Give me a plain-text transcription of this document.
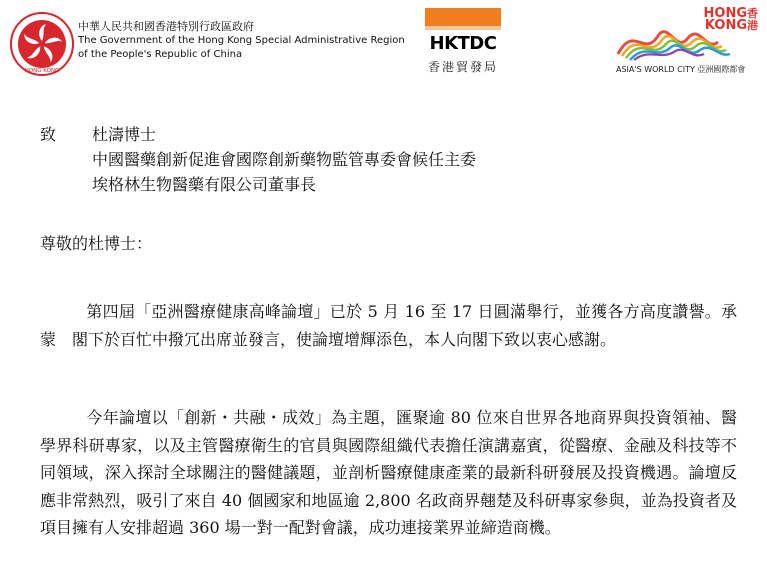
HONG KONG
中華人民共和國香港特別行政區政府
The Government of the Hong Kong Special Administrative Region
of the People's Republic of China
HKTDC
香港貿發局
HONG香
KONG港
ASIA'S WORLD CITY 亞洲國際都會
致 杜濤博士
中國醫藥創新促進會國際創新藥物監管專委會候任主委
埃格林生物醫藥有限公司董事長
尊敬的杜博士：

第四屆「亞洲醫療健康高峰論壇」已於 5 月 16 至 17 日圓滿舉行，並獲各方高度讚譽。承蒙　閣下於百忙中撥冗出席並發言，使論壇增輝添色，本人向閣下致以衷心感謝。

今年論壇以「創新・共融・成效」為主題，匯聚逾 80 位來自世界各地商界與投資領袖、醫學界科研專家，以及主管醫療衛生的官員與國際組織代表擔任演講嘉賓，從醫療、金融及科技等不同領域，深入探討全球關注的醫健議題，並剖析醫療健康產業的最新科研發展及投資機遇。論壇反應非常熱烈，吸引了來自 40 個國家和地區逾 2,800 名政商界翹楚及科研專家參與，並為投資者及項目擁有人安排超過 360 場一對一配對會議，成功連接業界並締造商機。
